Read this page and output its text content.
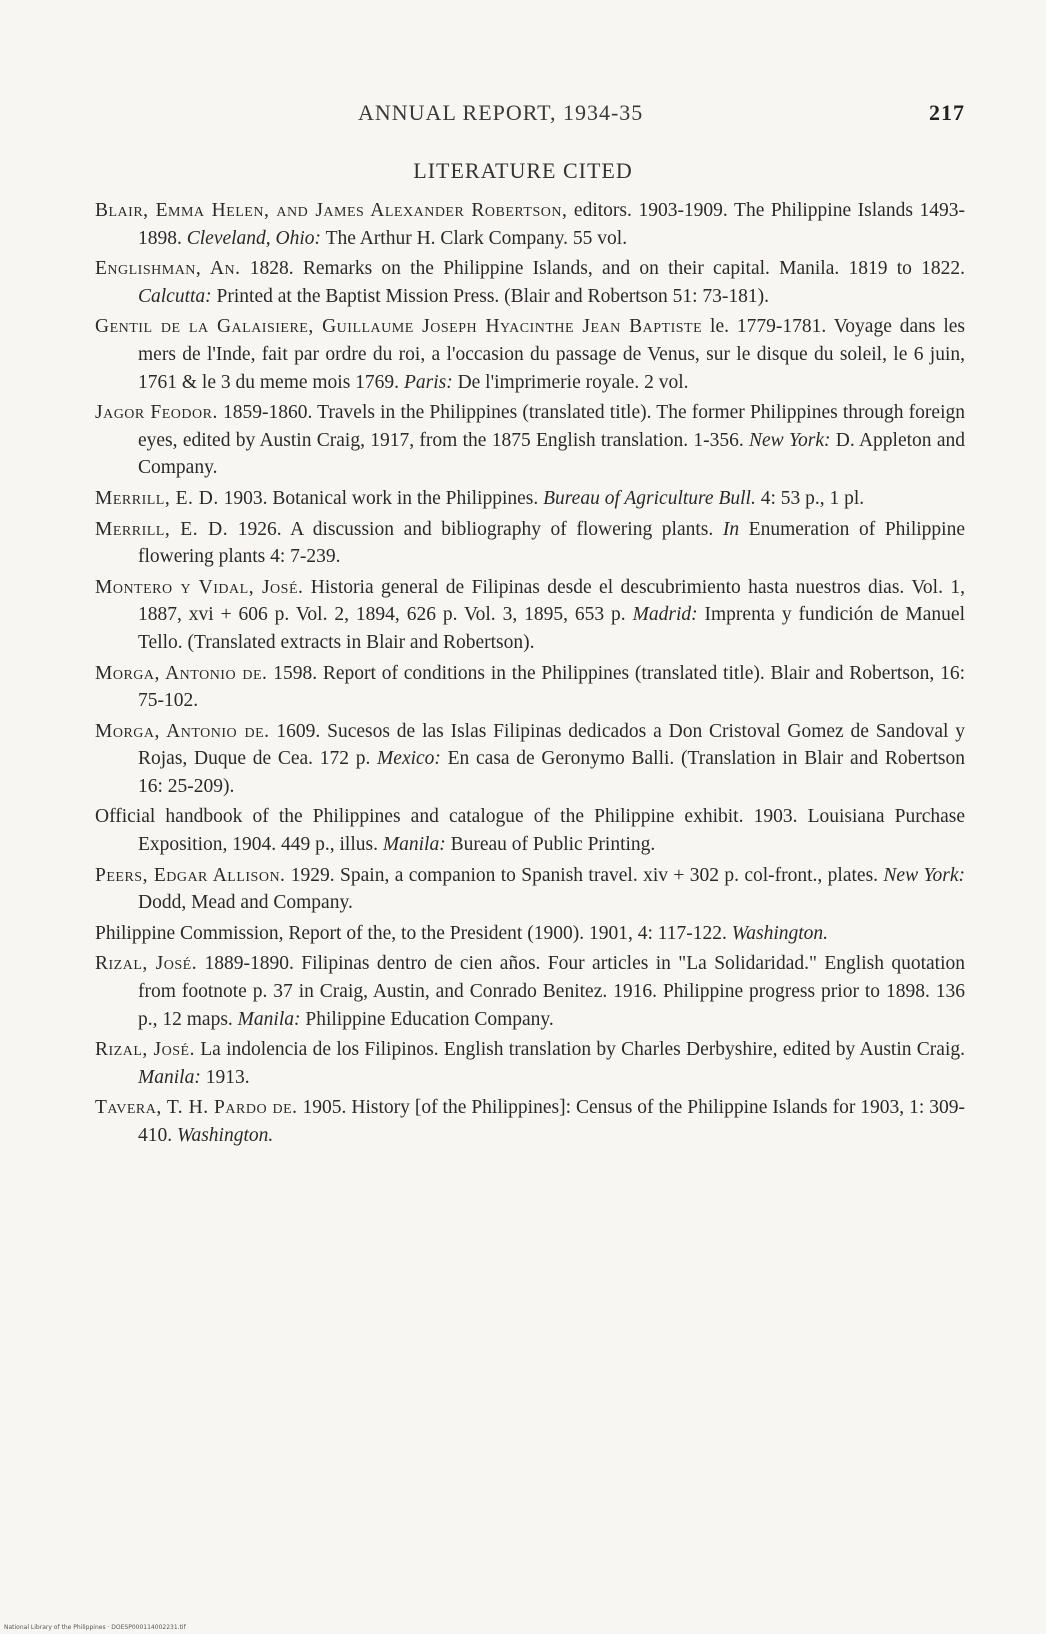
ANNUAL REPORT, 1934-35	217
LITERATURE CITED
Blair, Emma Helen, and James Alexander Robertson, editors. 1903-1909. The Philippine Islands 1493-1898. Cleveland, Ohio: The Arthur H. Clark Company. 55 vol.
Englishman, An. 1828. Remarks on the Philippine Islands, and on their capital. Manila. 1819 to 1822. Calcutta: Printed at the Baptist Mission Press. (Blair and Robertson 51: 73-181).
Gentil de la Galaisiere, Guillaume Joseph Hyacinthe Jean Baptiste le. 1779-1781. Voyage dans les mers de l'Inde, fait par ordre du roi, a l'occasion du passage de Venus, sur le disque du soleil, le 6 juin, 1761 & le 3 du meme mois 1769. Paris: De l'imprimerie royale. 2 vol.
Jagor Feodor. 1859-1860. Travels in the Philippines (translated title). The former Philippines through foreign eyes, edited by Austin Craig, 1917, from the 1875 English translation. 1-356. New York: D. Appleton and Company.
Merrill, E. D. 1903. Botanical work in the Philippines. Bureau of Agriculture Bull. 4: 53 p., 1 pl.
Merrill, E. D. 1926. A discussion and bibliography of flowering plants. In Enumeration of Philippine flowering plants 4: 7-239.
Montero y Vidal, José. Historia general de Filipinas desde el descubrimiento hasta nuestros dias. Vol. 1, 1887, xvi + 606 p. Vol. 2, 1894, 626 p. Vol. 3, 1895, 653 p. Madrid: Imprenta y fundición de Manuel Tello. (Translated extracts in Blair and Robertson).
Morga, Antonio de. 1598. Report of conditions in the Philippines (translated title). Blair and Robertson, 16: 75-102.
Morga, Antonio de. 1609. Sucesos de las Islas Filipinas dedicados a Don Cristoval Gomez de Sandoval y Rojas, Duque de Cea. 172 p. Mexico: En casa de Geronymo Balli. (Translation in Blair and Robertson 16: 25-209).
Official handbook of the Philippines and catalogue of the Philippine exhibit. 1903. Louisiana Purchase Exposition, 1904. 449 p., illus. Manila: Bureau of Public Printing.
Peers, Edgar Allison. 1929. Spain, a companion to Spanish travel. xiv + 302 p. col-front., plates. New York: Dodd, Mead and Company.
Philippine Commission, Report of the, to the President (1900). 1901, 4: 117-122. Washington.
Rizal, José. 1889-1890. Filipinas dentro de cien años. Four articles in "La Solidaridad." English quotation from footnote p. 37 in Craig, Austin, and Conrado Benitez. 1916. Philippine progress prior to 1898. 136 p., 12 maps. Manila: Philippine Education Company.
Rizal, José. La indolencia de los Filipinos. English translation by Charles Derbyshire, edited by Austin Craig. Manila: 1913.
Tavera, T. H. Pardo de. 1905. History [of the Philippines]: Census of the Philippine Islands for 1903, 1: 309-410. Washington.
National Library of the Philippines · DOESP000114002231.tif
